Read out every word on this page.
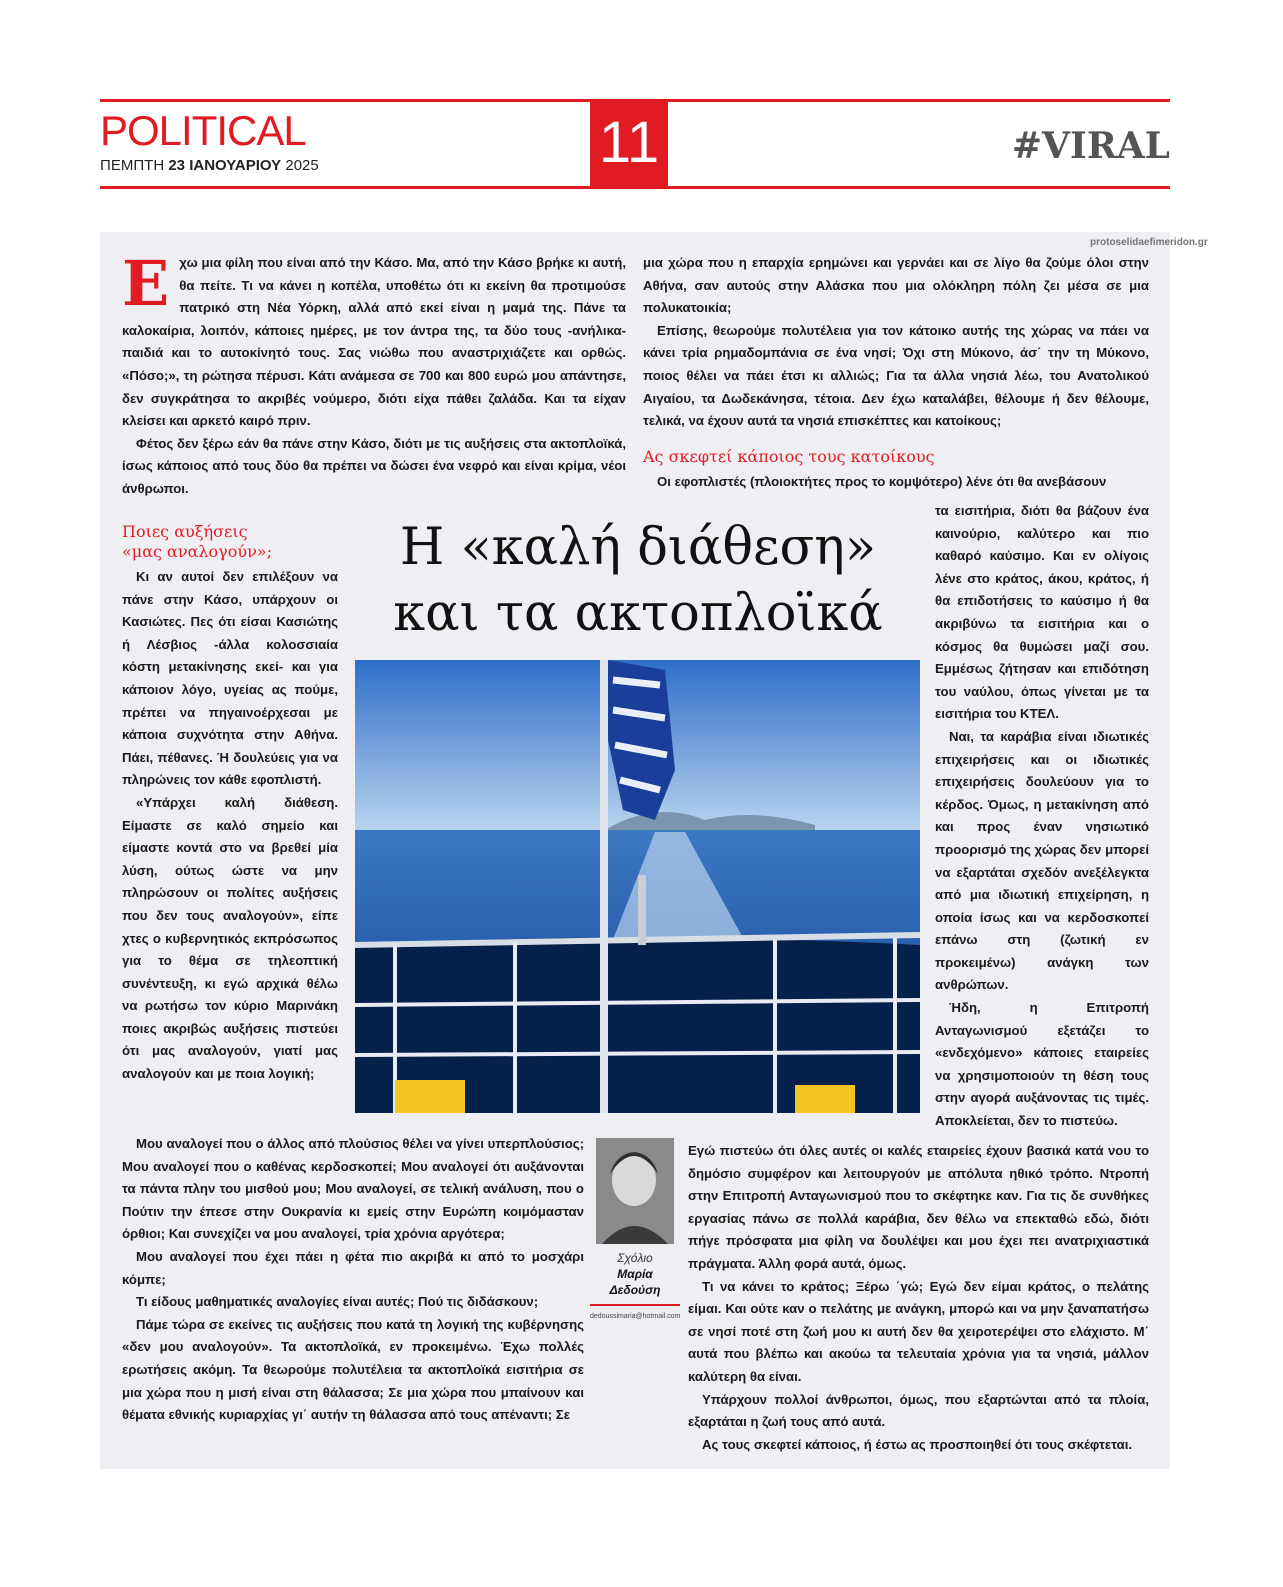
POLITICAL
ΠΕΜΠΤΗ 23 ΙΑΝΟΥΑΡΙΟΥ 2025	11	#VIRAL
protoselidaefimeridon.gr
Ε χω μια φίλη που είναι από την Κάσο. Μα, από την Κάσο βρήκε κι αυτή, θα πείτε. Τι να κάνει η κοπέλα, υποθέτω ότι κι εκείνη θα προτιμούσε πατρικό στη Νέα Υόρκη, αλλά από εκεί είναι η μαμά της. Πάνε τα καλοκαίρια, λοιπόν, κάποιες ημέρες, με τον άντρα της, τα δύο τους -ανήλικα- παιδιά και το αυτοκίνητό τους. Σας νιώθω που αναστριχιάζετε και ορθώς. «Πόσο;», τη ρώτησα πέρυσι. Κάτι ανάμεσα σε 700 και 800 ευρώ μου απάντησε, δεν συγκράτησα το ακριβές νούμερο, διότι είχα πάθει ζαλάδα. Και τα είχαν κλείσει και αρκετό καιρό πριν.

Φέτος δεν ξέρω εάν θα πάνε στην Κάσο, διότι με τις αυξήσεις στα ακτοπλοϊκά, ίσως κάποιος από τους δύο θα πρέπει να δώσει ένα νεφρό και είναι κρίμα, νέοι άνθρωποι.

Ποιες αυξήσεις
«μας αναλογούν»;

Κι αν αυτοί δεν επιλέξουν να πάνε στην Κάσο, υπάρχουν οι Κασιώτες. Πες ότι είσαι Κασιώτης ή Λέσβιος -άλλα κολοσσιαία κόστη μετακίνησης εκεί- και για κάποιον λόγο, υγείας ας πούμε, πρέπει να πηγαινοέρχεσαι με κάποια συχνότητα στην Αθήνα. Πάει, πέθανες. Ή δουλεύεις για να πληρώνεις τον κάθε εφοπλιστή.

«Υπάρχει καλή διάθεση. Είμαστε σε καλό σημείο και είμαστε κοντά στο να βρεθεί μία λύση, ούτως ώστε να μην πληρώσουν οι πολίτες αυξήσεις που δεν τους αναλογούν», είπε χτες ο κυβερνητικός εκπρόσωπος για το θέμα σε τηλεοπτική συνέντευξη, κι εγώ αρχικά θέλω να ρωτήσω τον κύριο Μαρινάκη ποιες ακριβώς αυξήσεις πιστεύει ότι μας αναλογούν, γιατί μας αναλογούν και με ποια λογική;

Μου αναλογεί που ο άλλος από πλούσιος θέλει να γίνει υπερπλούσιος; Μου αναλογεί που ο καθένας κερδοσκοπεί; Μου αναλογεί ότι αυξάνονται τα πάντα πλην του μισθού μου; Μου αναλογεί, σε τελική ανάλυση, που ο Πούτιν την έπεσε στην Ουκρανία κι εμείς στην Ευρώπη κοιμόμασταν όρθιοι; Και συνεχίζει να μου αναλογεί, τρία χρόνια αργότερα;

Μου αναλογεί που έχει πάει η φέτα πιο ακριβά κι από το μοσχάρι κόμπε;

Τι είδους μαθηματικές αναλογίες είναι αυτές; Πού τις διδάσκουν;

Πάμε τώρα σε εκείνες τις αυξήσεις που κατά τη λογική της κυβέρνησης «δεν μου αναλογούν». Τα ακτοπλοϊκά, εν προκειμένω. Έχω πολλές ερωτήσεις ακόμη. Τα θεωρούμε πολυτέλεια τα ακτοπλοϊκά εισιτήρια σε μια χώρα που η μισή είναι στη θάλασσα; Σε μια χώρα που μπαίνουν και θέματα εθνικής κυριαρχίας γι΄ αυτήν τη θάλασσα από τους απέναντι; Σε

μια χώρα που η επαρχία ερημώνει και γερνάει και σε λίγο θα ζούμε όλοι στην Αθήνα, σαν αυτούς στην Αλάσκα που μια ολόκληρη πόλη ζει μέσα σε μια πολυκατοικία;

Επίσης, θεωρούμε πολυτέλεια για τον κάτοικο αυτής της χώρας να πάει να κάνει τρία ρημαδομπάνια σε ένα νησί; Όχι στη Μύκονο, άσ΄ την τη Μύκονο, ποιος θέλει να πάει έτσι κι αλλιώς; Για τα άλλα νησιά λέω, του Ανατολικού Αιγαίου, τα Δωδεκάνησα, τέτοια. Δεν έχω καταλάβει, θέλουμε ή δεν θέλουμε, τελικά, να έχουν αυτά τα νησιά επισκέπτες και κατοίκους;

Ας σκεφτεί κάποιος τους κατοίκους

Οι εφοπλιστές (πλοιοκτήτες προς το κομψότερο) λένε ότι θα ανεβάσουν

τα εισιτήρια, διότι θα βάζουν ένα καινούριο, καλύτερο και πιο καθαρό καύσιμο. Και εν ολίγοις λένε στο κράτος, άκου, κράτος, ή θα επιδοτήσεις το καύσιμο ή θα ακριβύνω τα εισιτήρια και ο κόσμος θα θυμώσει μαζί σου. Εμμέσως ζήτησαν και επιδότηση του ναύλου, όπως γίνεται με τα εισιτήρια του ΚΤΕΛ.

Ναι, τα καράβια είναι ιδιωτικές επιχειρήσεις και οι ιδιωτικές επιχειρήσεις δουλεύουν για το κέρδος. Όμως, η μετακίνηση από και προς έναν νησιωτικό προορισμό της χώρας δεν μπορεί να εξαρτάται σχεδόν ανεξέλεγκτα από μια ιδιωτική επιχείρηση, η οποία ίσως και να κερδοσκοπεί επάνω στη (ζωτική εν προκειμένω) ανάγκη των ανθρώπων.

Ήδη, η Επιτροπή Ανταγωνισμού εξετάζει το «ενδεχόμενο» κάποιες εταιρείες να χρησιμοποιούν τη θέση τους στην αγορά αυξάνοντας τις τιμές. Αποκλείεται, δεν το πιστεύω.

Εγώ πιστεύω ότι όλες αυτές οι καλές εταιρείες έχουν βασικά κατά νου το δημόσιο συμφέρον και λειτουργούν με απόλυτα ηθικό τρόπο. Ντροπή στην Επιτροπή Ανταγωνισμού που το σκέφτηκε καν. Για τις δε συνθήκες εργασίας πάνω σε πολλά καράβια, δεν θέλω να επεκταθώ εδώ, διότι πήγε πρόσφατα μια φίλη να δουλέψει και μου έχει πει ανατριχιαστικά πράγματα. Άλλη φορά αυτά, όμως.

Τι να κάνει το κράτος; Ξέρω ΄γώ; Εγώ δεν είμαι κράτος, ο πελάτης είμαι. Και ούτε καν ο πελάτης με ανάγκη, μπορώ και να μην ξαναπατήσω σε νησί ποτέ στη ζωή μου κι αυτή δεν θα χειροτερέψει στο ελάχιστο. Μ΄ αυτά που βλέπω και ακούω τα τελευταία χρόνια για τα νησιά, μάλλον καλύτερη θα είναι.

Υπάρχουν πολλοί άνθρωποι, όμως, που εξαρτώνται από τα πλοία, εξαρτάται η ζωή τους από αυτά.

Ας τους σκεφτεί κάποιος, ή έστω ας προσποιηθεί ότι τους σκέφτεται.

Η «καλή διάθεση»
και τα ακτοπλοϊκά
Σχόλιο
Μαρία
Δεδούση
dedoussimaria@hotmail.com
